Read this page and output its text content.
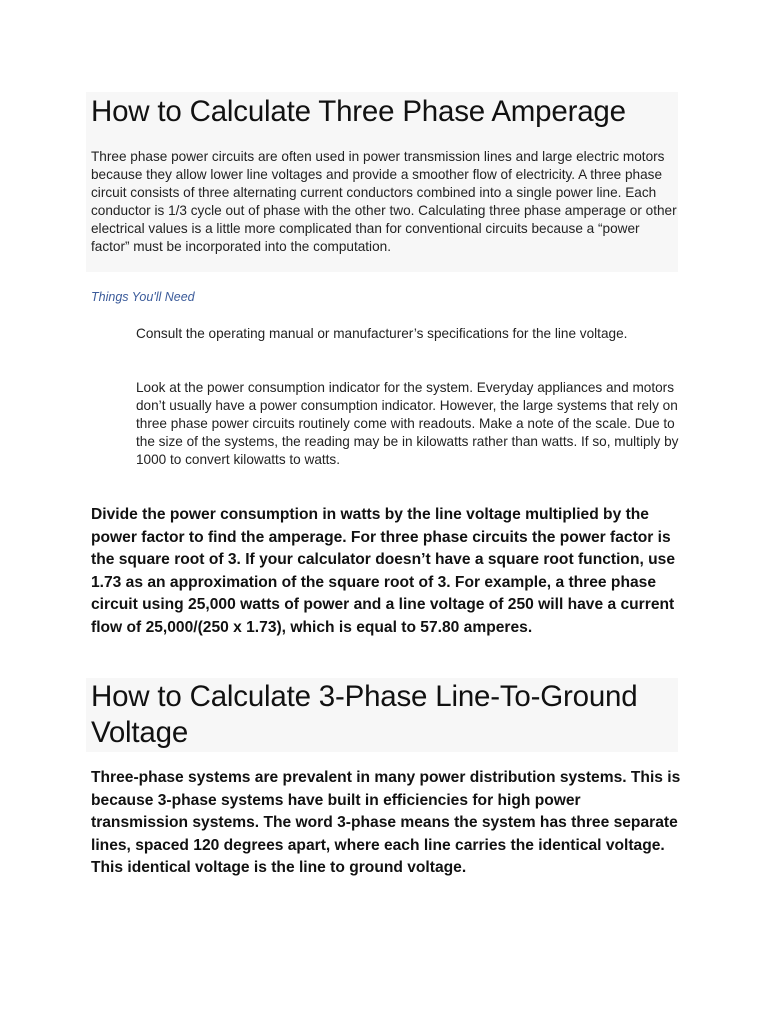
How to Calculate Three Phase Amperage

Three phase power circuits are often used in power transmission lines and large electric motors because they allow lower line voltages and provide a smoother flow of electricity. A three phase circuit consists of three alternating current conductors combined into a single power line. Each conductor is 1/3 cycle out of phase with the other two. Calculating three phase amperage or other electrical values is a little more complicated than for conventional circuits because a “power factor” must be incorporated into the computation.

Things You'll Need

Consult the operating manual or manufacturer’s specifications for the line voltage.

Look at the power consumption indicator for the system. Everyday appliances and motors don’t usually have a power consumption indicator. However, the large systems that rely on three phase power circuits routinely come with readouts. Make a note of the scale. Due to the size of the systems, the reading may be in kilowatts rather than watts. If so, multiply by 1000 to convert kilowatts to watts.

Divide the power consumption in watts by the line voltage multiplied by the power factor to find the amperage. For three phase circuits the power factor is the square root of 3. If your calculator doesn’t have a square root function, use 1.73 as an approximation of the square root of 3. For example, a three phase circuit using 25,000 watts of power and a line voltage of 250 will have a current flow of 25,000/(250 x 1.73), which is equal to 57.80 amperes.

How to Calculate 3-Phase Line-To-Ground
Voltage

Three-phase systems are prevalent in many power distribution systems. This is because 3-phase systems have built in efficiencies for high power transmission systems. The word 3-phase means the system has three separate lines, spaced 120 degrees apart, where each line carries the identical voltage. This identical voltage is the line to ground voltage.
